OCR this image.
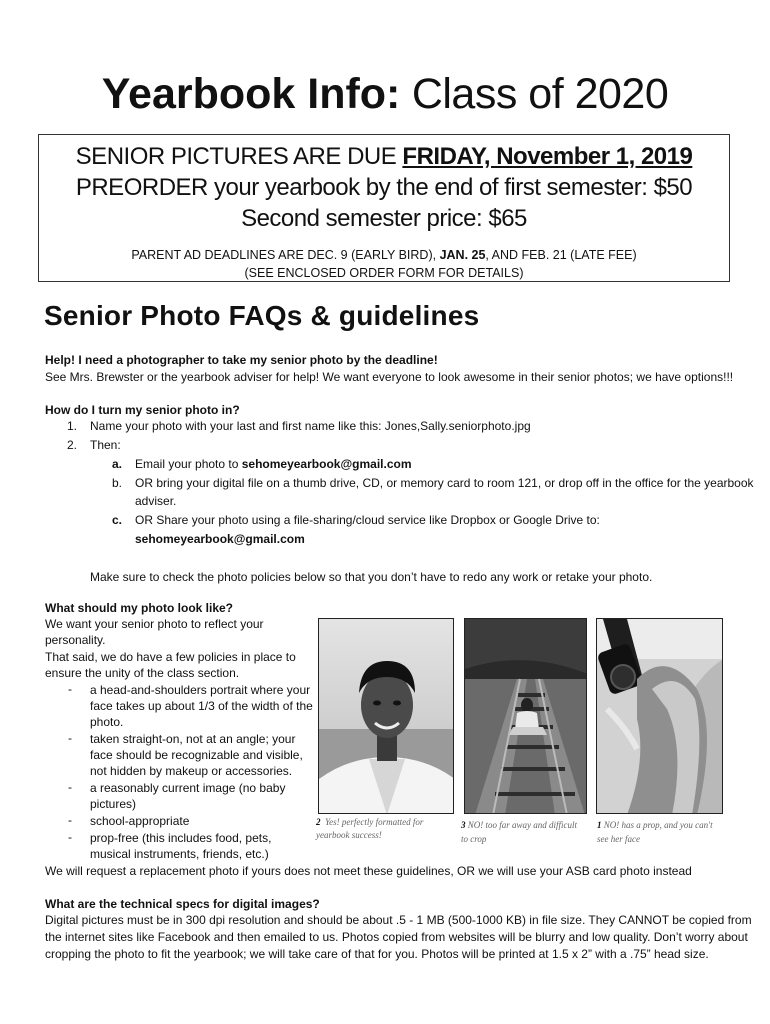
Yearbook Info: Class of 2020
SENIOR PICTURES ARE DUE FRIDAY, November 1, 2019
PREORDER your yearbook by the end of first semester: $50
Second semester price: $65
PARENT AD DEADLINES ARE DEC. 9 (EARLY BIRD), JAN. 25, AND FEB. 21 (LATE FEE)
(SEE ENCLOSED ORDER FORM FOR DETAILS)
Senior Photo FAQs & guidelines
Help! I need a photographer to take my senior photo by the deadline!
See Mrs. Brewster or the yearbook adviser for help! We want everyone to look awesome in their senior photos; we have options!!!
How do I turn my senior photo in?
1. Name your photo with your last and first name like this: Jones,Sally.seniorphoto.jpg
2. Then:
a. Email your photo to sehomeyearbook@gmail.com
b. OR bring your digital file on a thumb drive, CD, or memory card to room 121, or drop off in the office for the yearbook
adviser.
c. OR Share your photo using a file-sharing/cloud service like Dropbox or Google Drive to:
sehomeyearbook@gmail.com
Make sure to check the photo policies below so that you don’t have to redo any work or retake your photo.
What should my photo look like?
We want your senior photo to reflect your
personality.
That said, we do have a few policies in place to
ensure the unity of the class section.
- a head-and-shoulders portrait where your
face takes up about 1/3 of the width of the
photo.
- taken straight-on, not at an angle; your
face should be recognizable and visible,
not hidden by makeup or accessories.
- a reasonably current image (no baby
pictures)
- school-appropriate
- prop-free (this includes food, pets,
musical instruments, friends, etc.)
We will request a replacement photo if yours does not meet these guidelines, OR we will use your ASB card photo instead
2 Yes! perfectly formatted for
yearbook success!
3 NO! too far away and difficult
to crop
1 NO! has a prop, and you can't
see her face
What are the technical specs for digital images?
Digital pictures must be in 300 dpi resolution and should be about .5 - 1 MB (500-1000 KB) in file size. They CANNOT be copied from
the internet sites like Facebook and then emailed to us. Photos copied from websites will be blurry and low quality. Don’t worry about
cropping the photo to fit the yearbook; we will take care of that for you. Photos will be printed at 1.5 x 2” with a .75” head size.
